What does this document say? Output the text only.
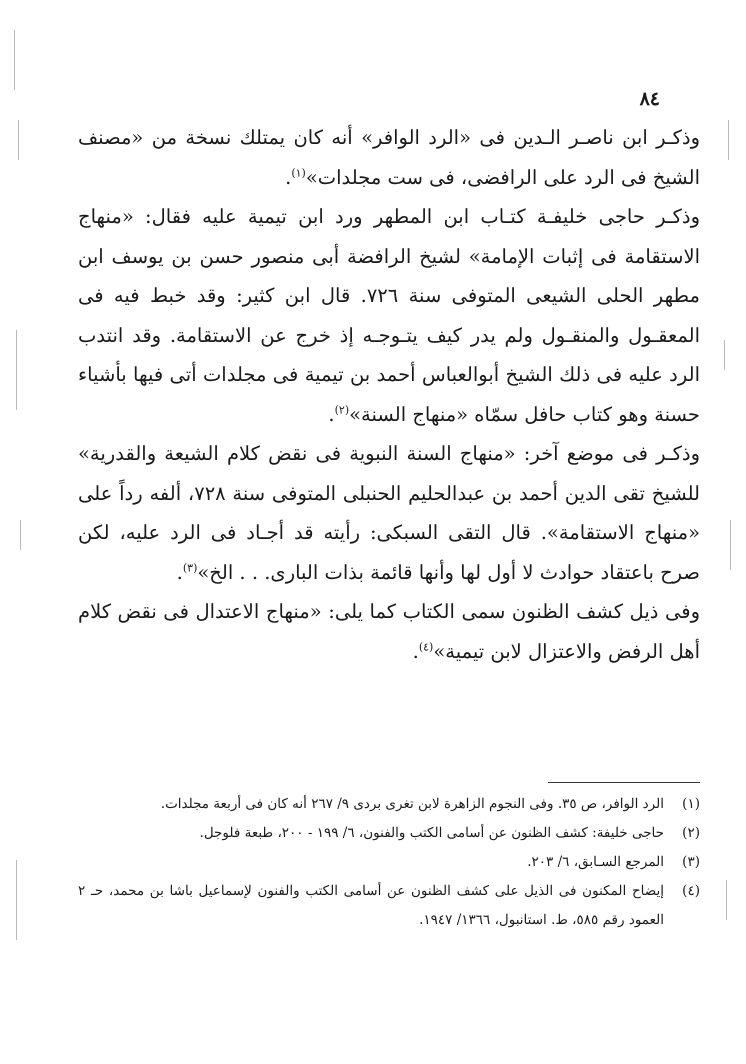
٨٤

وذكـر ابن ناصـر الـدين فى «الرد الوافر» أنه كان يمتلك نسخة من «مصنف الشيخ فى الرد على الرافضى، فى ست مجلدات»$^{(١)}$.

وذكـر حاجى خليفـة كتـاب ابن المطهر ورد ابن تيمية عليه فقال: «منهاج الاستقامة فى إثبات الإمامة» لشيخ الرافضة أبى منصور حسن بن يوسف ابن مطهر الحلى الشيعى المتوفى سنة ٧٢٦. قال ابن كثير: وقد خبط فيه فى المعقـول والمنقـول ولم يدر كيف يتـوجـه إذ خرج عن الاستقامة. وقد انتدب الرد عليه فى ذلك الشيخ أبوالعباس أحمد بن تيمية فى مجلدات أتى فيها بأشياء حسنة وهو كتاب حافل سمّاه «منهاج السنة»$^{(٢)}$.

وذكـر فى موضع آخر: «منهاج السنة النبوية فى نقض كلام الشيعة والقدرية» للشيخ تقى الدين أحمد بن عبدالحليم الحنبلى المتوفى سنة ٧٢٨، ألفه رداً على «منهاج الاستقامة». قال التقى السبكى: رأيته قد أجـاد فى الرد عليه، لكن صرح باعتقاد حوادث لا أول لها وأنها قائمة بذات البارى. . . الخ»$^{(٣)}$.

وفى ذيل كشف الظنون سمى الكتاب كما يلى: «منهاج الاعتدال فى نقض كلام أهل الرفض والاعتزال لابن تيمية»$^{(٤)}$.

(١)
الرد الوافر، ص ٣٥. وفى النجوم الزاهرة لابن تغرى بردى ٩/ ٢٦٧ أنه كان فى أربعة مجلدات.
(٢)
حاجى خليفة: كشف الظنون عن أسامى الكتب والفنون، ٦/ ١٩٩ - ٢٠٠، طبعة فلوجل.
(٣)
المرجع السـابق، ٦/ ٢٠٣.
(٤)
إيضاح المكنون فى الذيل على كشف الظنون عن أسامى الكتب والفنون لإسماعيل باشا بن محمد، حـ ٢ العمود رقم ٥٨٥، ط. استانبول، ١٣٦٦/ ١٩٤٧.
